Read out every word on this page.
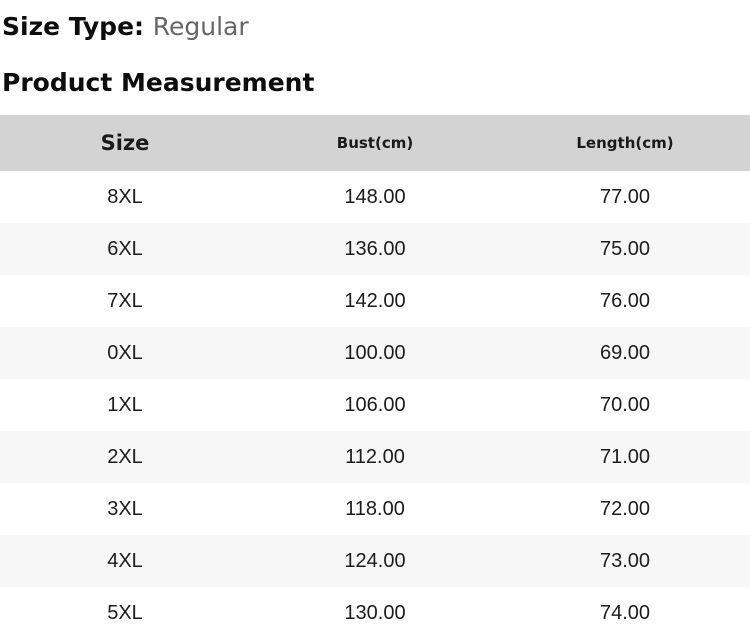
Size Type: Regular

Product Measurement
Size	Bust(cm)	Length(cm)
8XL	148.00	77.00
6XL	136.00	75.00
7XL	142.00	76.00
0XL	100.00	69.00
1XL	106.00	70.00
2XL	112.00	71.00
3XL	118.00	72.00
4XL	124.00	73.00
5XL	130.00	74.00
